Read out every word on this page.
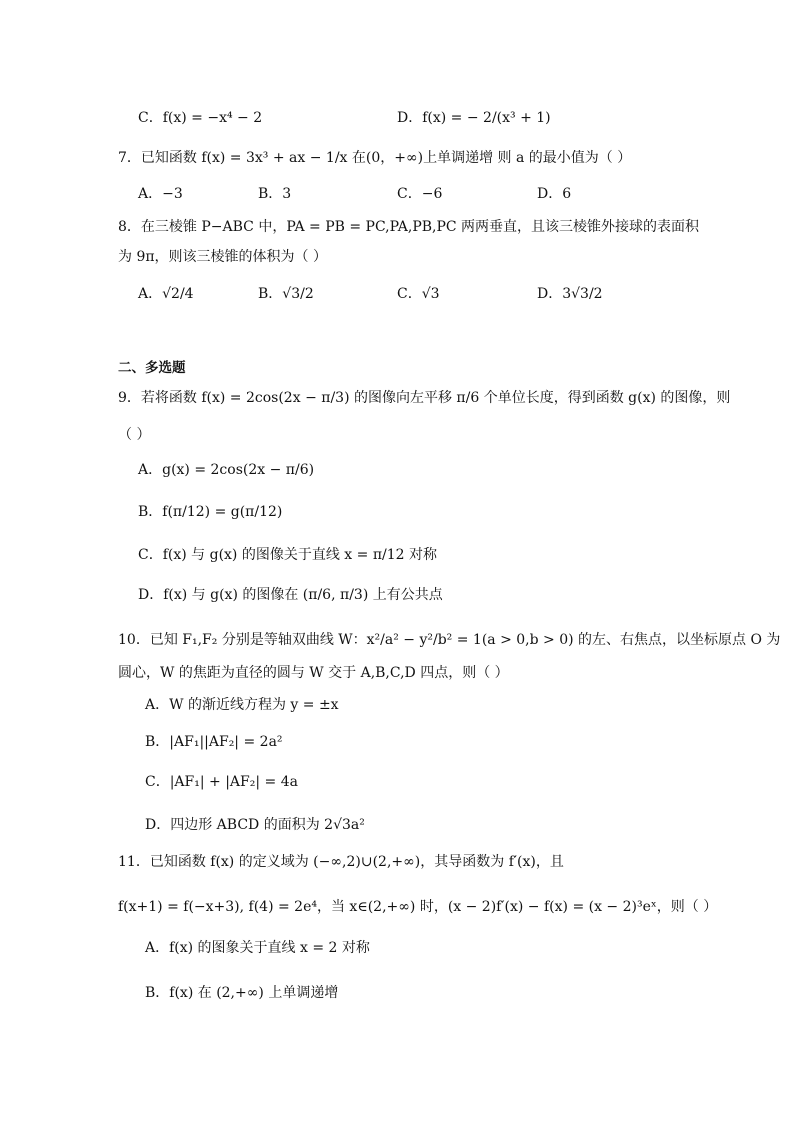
C．f(x) = −x⁴ − 2	D．f(x) = − 2/(x³ + 1)
7．已知函数 f(x) = 3x³ + ax − 1/x 在(0，+∞)上单调递增 则 a 的最小值为（ ）
A．−3	B．3	C．−6	D．6
8．在三棱锥 P−ABC 中，PA = PB = PC,PA,PB,PC 两两垂直，且该三棱锥外接球的表面积
为 9π，则该三棱锥的体积为（ ）
A．√2/4	B．√3/2	C．√3	D．3√3/2
二、多选题
9．若将函数 f(x) = 2cos(2x − π/3) 的图像向左平移 π/6 个单位长度，得到函数 g(x) 的图像，则
（ ）
A．g(x) = 2cos(2x − π/6)
B．f(π/12) = g(π/12)
C．f(x) 与 g(x) 的图像关于直线 x = π/12 对称
D．f(x) 与 g(x) 的图像在 (π/6, π/3) 上有公共点
10．已知 F₁,F₂ 分别是等轴双曲线 W：x²/a² − y²/b² = 1(a > 0,b > 0) 的左、右焦点，以坐标原点 O 为
圆心，W 的焦距为直径的圆与 W 交于 A,B,C,D 四点，则（ ）
A．W 的渐近线方程为 y = ±x
B．|AF₁||AF₂| = 2a²
C．|AF₁| + |AF₂| = 4a
D．四边形 ABCD 的面积为 2√3a²
11．已知函数 f(x) 的定义域为 (−∞,2)∪(2,+∞)，其导函数为 f′(x)，且
f(x+1) = f(−x+3), f(4) = 2e⁴，当 x∈(2,+∞) 时，(x − 2)f′(x) − f(x) = (x − 2)³eˣ，则（ ）
A．f(x) 的图象关于直线 x = 2 对称
B．f(x) 在 (2,+∞) 上单调递增
